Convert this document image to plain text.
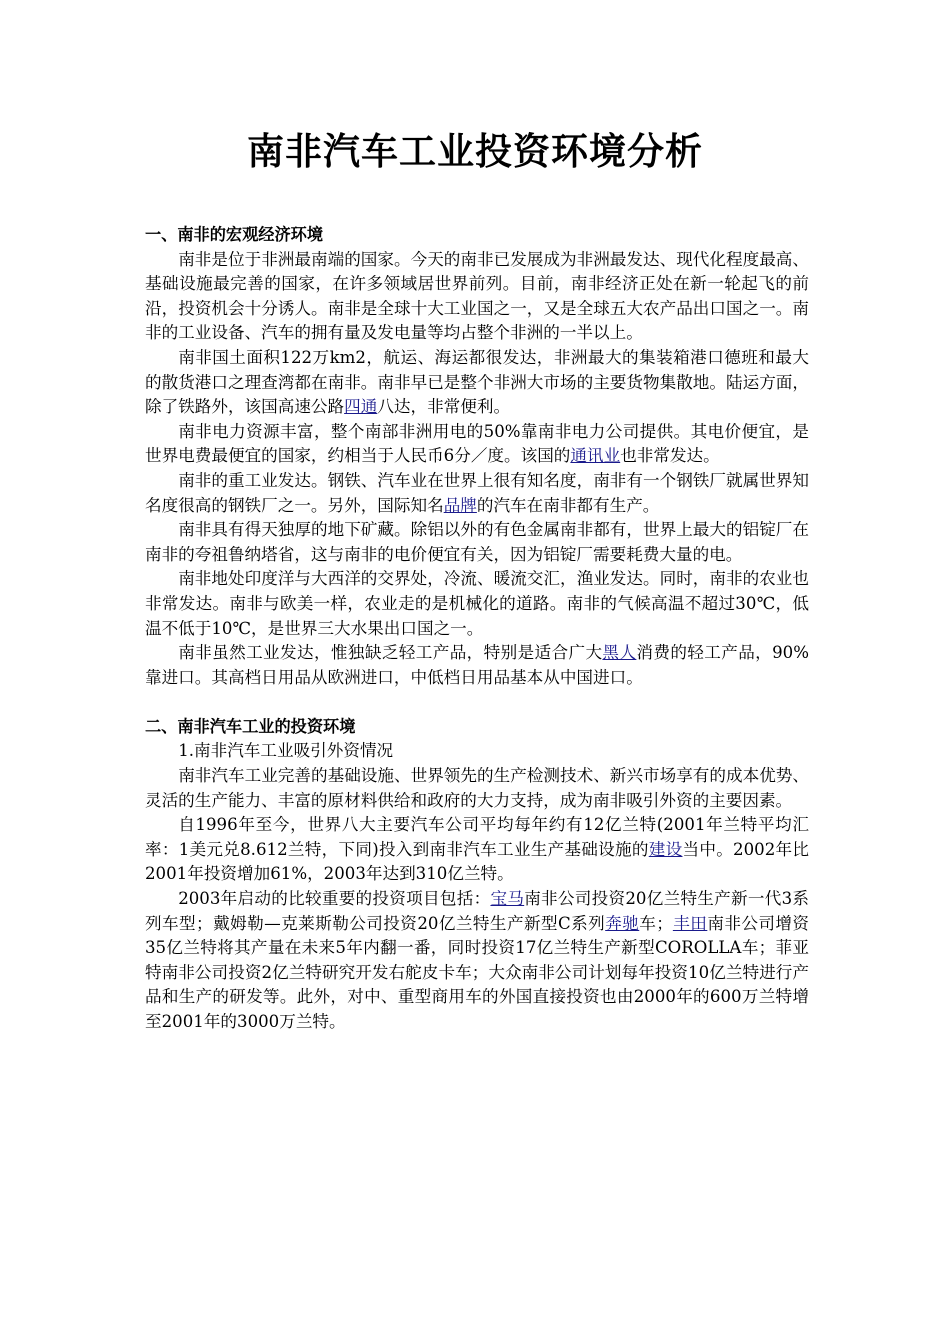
南非汽车工业投资环境分析

一、南非的宏观经济环境

南非是位于非洲最南端的国家。今天的南非已发展成为非洲最发达、现代化程度最高、基础设施最完善的国家，在许多领域居世界前列。目前，南非经济正处在新一轮起飞的前沿，投资机会十分诱人。南非是全球十大工业国之一，又是全球五大农产品出口国之一。南非的工业设备、汽车的拥有量及发电量等均占整个非洲的一半以上。

南非国土面积122万km2，航运、海运都很发达，非洲最大的集装箱港口德班和最大的散货港口之理查湾都在南非。南非早已是整个非洲大市场的主要货物集散地。陆运方面，除了铁路外，该国高速公路四通八达，非常便利。

南非电力资源丰富，整个南部非洲用电的50%靠南非电力公司提供。其电价便宜，是世界电费最便宜的国家，约相当于人民币6分／度。该国的通讯业也非常发达。

南非的重工业发达。钢铁、汽车业在世界上很有知名度，南非有一个钢铁厂就属世界知名度很高的钢铁厂之一。另外，国际知名品牌的汽车在南非都有生产。

南非具有得天独厚的地下矿藏。除铝以外的有色金属南非都有，世界上最大的铝锭厂在南非的夸祖鲁纳塔省，这与南非的电价便宜有关，因为铝锭厂需要耗费大量的电。

南非地处印度洋与大西洋的交界处，冷流、暖流交汇，渔业发达。同时，南非的农业也非常发达。南非与欧美一样，农业走的是机械化的道路。南非的气候高温不超过30℃，低温不低于10℃，是世界三大水果出口国之一。

南非虽然工业发达，惟独缺乏轻工产品，特别是适合广大黑人消费的轻工产品，90%靠进口。其高档日用品从欧洲进口，中低档日用品基本从中国进口。

二、南非汽车工业的投资环境

1.南非汽车工业吸引外资情况

南非汽车工业完善的基础设施、世界领先的生产检测技术、新兴市场享有的成本优势、灵活的生产能力、丰富的原材料供给和政府的大力支持，成为南非吸引外资的主要因素。

自1996年至今，世界八大主要汽车公司平均每年约有12亿兰特(2001年兰特平均汇率：1美元兑8.612兰特，下同)投入到南非汽车工业生产基础设施的建设当中。2002年比2001年投资增加61%，2003年达到310亿兰特。

2003年启动的比较重要的投资项目包括：宝马南非公司投资20亿兰特生产新一代3系列车型；戴姆勒—克莱斯勒公司投资20亿兰特生产新型C系列奔驰车；丰田南非公司增资35亿兰特将其产量在未来5年内翻一番，同时投资17亿兰特生产新型COROLLA车；菲亚特南非公司投资2亿兰特研究开发右舵皮卡车；大众南非公司计划每年投资10亿兰特进行产品和生产的研发等。此外，对中、重型商用车的外国直接投资也由2000年的600万兰特增至2001年的3000万兰特。
